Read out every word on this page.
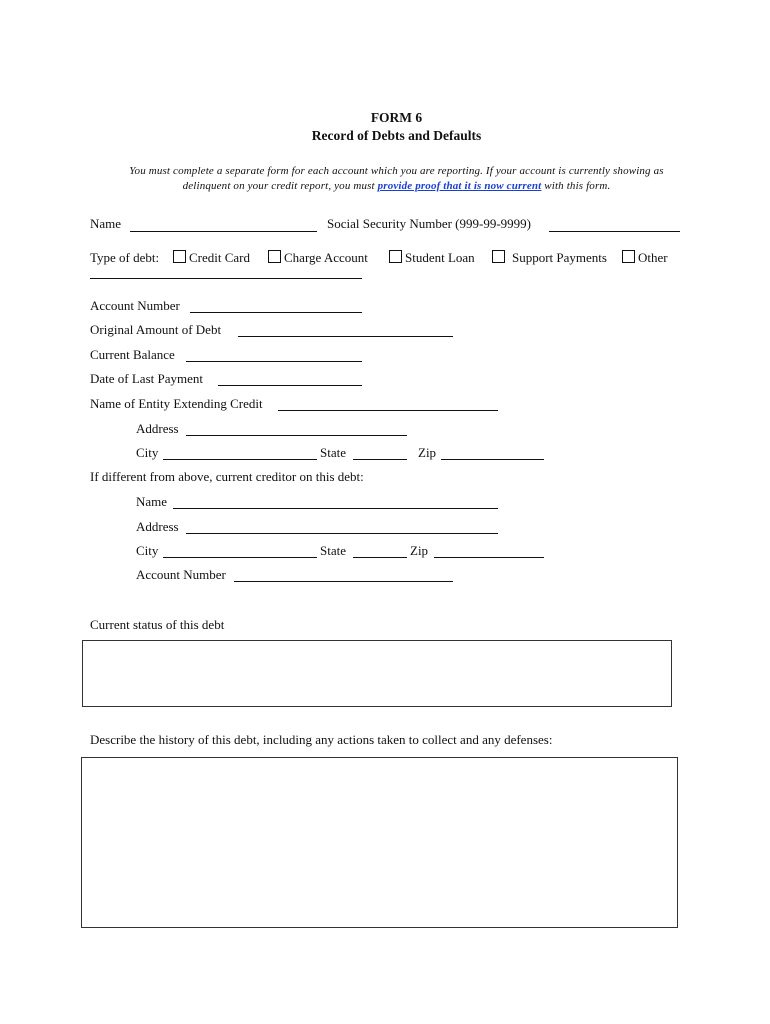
FORM 6
Record of Debts and Defaults
You must complete a separate form for each account which you are reporting. If your account is currently showing as
delinquent on your credit report, you must provide proof that it is now current with this form.
Name	Social Security Number (999-99-9999)
Type of debt:	Credit Card	Charge Account	Student Loan	Support Payments	Other
Account Number
Original Amount of Debt
Current Balance
Date of Last Payment
Name of Entity Extending Credit
Address
City	State	Zip
If different from above, current creditor on this debt:
Name
Address
City	State	Zip
Account Number
Current status of this debt
Describe the history of this debt, including any actions taken to collect and any defenses:
